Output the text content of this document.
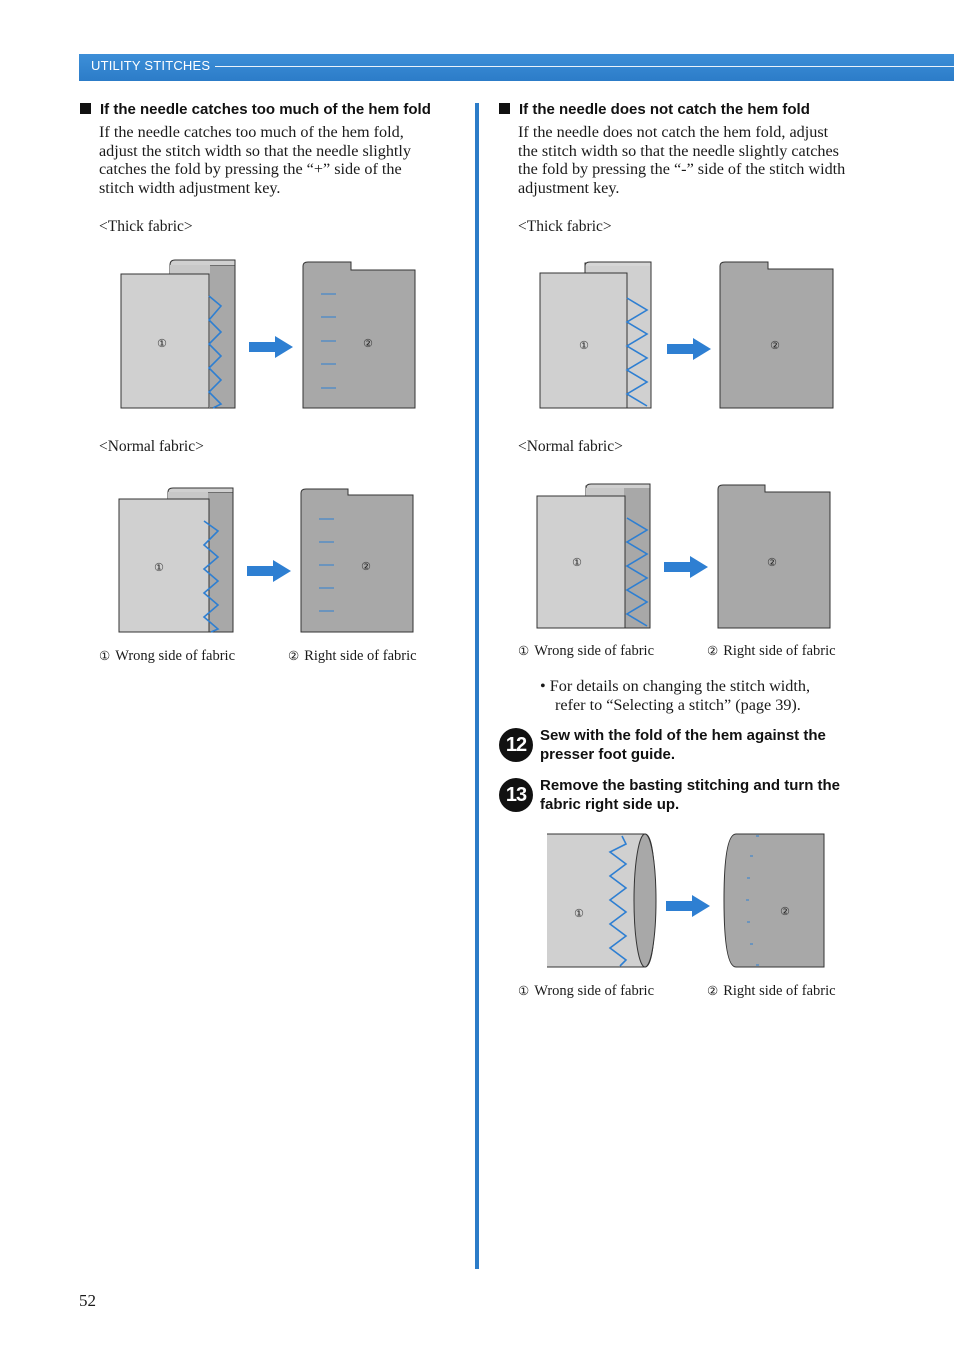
UTILITY STITCHES
If the needle catches too much of the hem fold
If the needle catches too much of the hem fold,
adjust the stitch width so that the needle slightly
catches the fold by pressing the “+” side of the
stitch width adjustment key.
<Thick fabric>
①	②
<Normal fabric>
①	②
① Wrong side of fabric	② Right side of fabric
If the needle does not catch the hem fold
If the needle does not catch the hem fold, adjust
the stitch width so that the needle slightly catches
the fold by pressing the “-” side of the stitch width
adjustment key.
<Thick fabric>
①	②
<Normal fabric>
①	②
① Wrong side of fabric	② Right side of fabric
• For details on changing the stitch width,
refer to “Selecting a stitch” (page 39).
12 Sew with the fold of the hem against the
presser foot guide.
13 Remove the basting stitching and turn the
fabric right side up.
①	②
① Wrong side of fabric	② Right side of fabric
52
